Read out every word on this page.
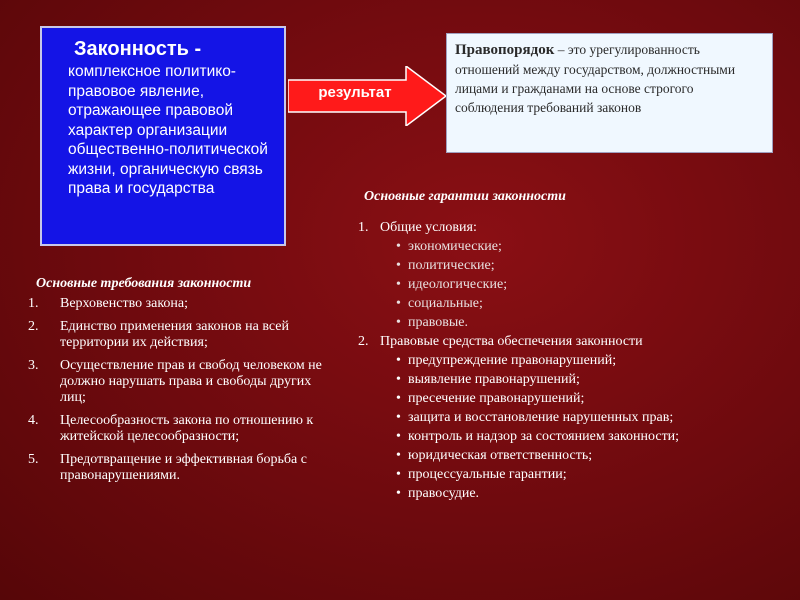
Законность -
комплексное политико-правовое явление, отражающее правовой характер организации общественно-политической жизни, органическую связь права и государства
результат
Правопорядок – это урегулированность отношений между государством, должностными лицами и гражданами на основе строгого соблюдения требований законов
Основные требования законности
1.	Верховенство закона;
2.	Единство применения законов на всей территории их действия;
3.	Осуществление прав и свобод человеком не должно нарушать права и свободы других лиц;
4.	Целесообразность закона по отношению к житейской целесообразности;
5.	Предотвращение и эффективная борьба с правонарушениями.
Основные гарантии законности
1. Общие условия:
• экономические;
• политические;
• идеологические;
• социальные;
• правовые.
2. Правовые средства обеспечения законности
• предупреждение правонарушений;
• выявление правонарушений;
• пресечение правонарушений;
• защита и восстановление нарушенных прав;
• контроль и надзор за состоянием законности;
• юридическая ответственность;
• процессуальные гарантии;
• правосудие.
